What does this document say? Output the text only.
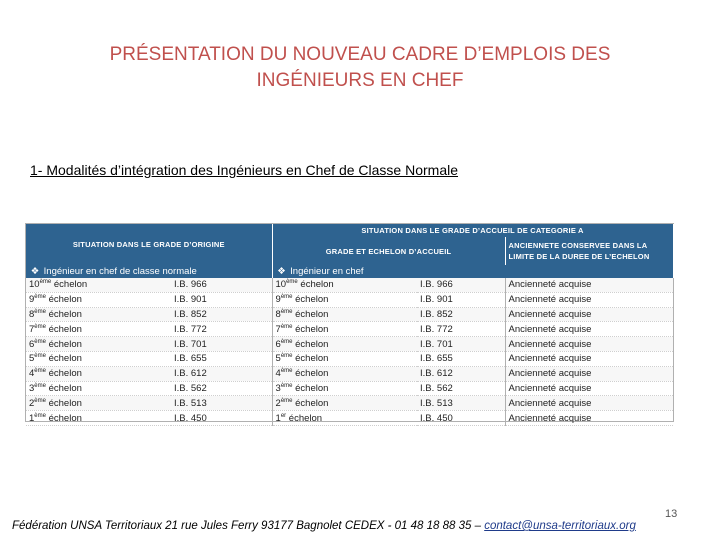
PRÉSENTATION DU NOUVEAU CADRE D’EMPLOIS DES
INGÉNIEURS EN CHEF
1- Modalités d’intégration des Ingénieurs en Chef de Classe Normale
SITUATION DANS LE GRADE D’ORIGINE		SITUATION DANS LE GRADE D’ACCUEIL DE CATEGORIE A		
		GRADE ET ECHELON D’ACCUEIL		ANCIENNETE CONSERVEE DANS LA LIMITE DE LA DUREE DE L’ECHELON
❖ Ingénieur en chef de classe normale		❖ Ingénieur en chef		
10ème échelon	I.B. 966	10ème échelon	I.B. 966	Ancienneté acquise
9ème échelon	I.B. 901	9ème échelon	I.B. 901	Ancienneté acquise
8ème échelon	I.B. 852	8ème échelon	I.B. 852	Ancienneté acquise
7ème échelon	I.B. 772	7ème échelon	I.B. 772	Ancienneté acquise
6ème échelon	I.B. 701	6ème échelon	I.B. 701	Ancienneté acquise
5ème échelon	I.B. 655	5ème échelon	I.B. 655	Ancienneté acquise
4ème échelon	I.B. 612	4ème échelon	I.B. 612	Ancienneté acquise
3ème échelon	I.B. 562	3ème échelon	I.B. 562	Ancienneté acquise
2ème échelon	I.B. 513	2ème échelon	I.B. 513	Ancienneté acquise
1ème échelon	I.B. 450	1er échelon	I.B. 450	Ancienneté acquise
13
Fédération UNSA Territoriaux 21 rue Jules Ferry 93177 Bagnolet CEDEX - 01 48 18 88 35 – contact@unsa-territoriaux.org
